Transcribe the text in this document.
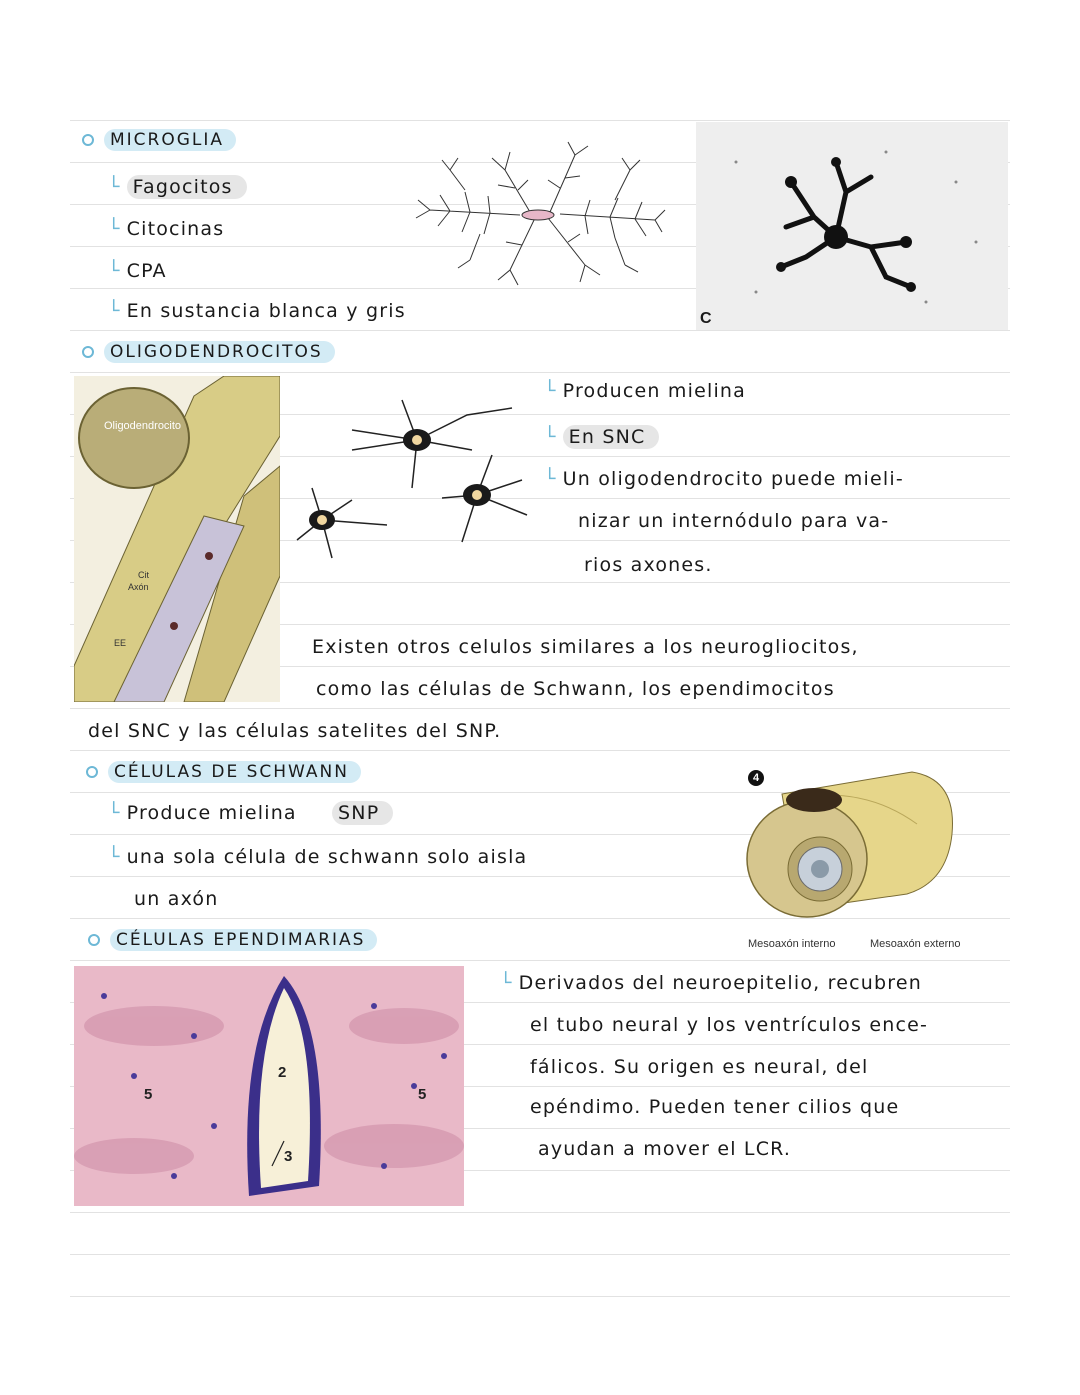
MICROGLIA
└ Fagocitos
└ Citocinas
└ CPA
└ En sustancia blanca y gris	C
OLIGODENDROCITOS
Oligodendrocito
Cit
Axón
EE
└ Producen mielina
└ En SNC
└ Un oligodendrocito puede mieli-
nizar un internódulo para va-
rios axones.
Existen otros celulos similares a los neurogliocitos,
como las células de Schwann, los ependimocitos
del SNC y las células satelites del SNP.
CÉLULAS DE SCHWANN
└ Produce mielina SNP
└ una sola célula de schwann solo aisla
un axón
4
Mesoaxón interno	Mesoaxón externo
CÉLULAS EPENDIMARIAS
5
2
3
5
└ Derivados del neuroepitelio, recubren
el tubo neural y los ventrículos ence-
fálicos. Su origen es neural, del
epéndimo. Pueden tener cilios que
ayudan a mover el LCR.
